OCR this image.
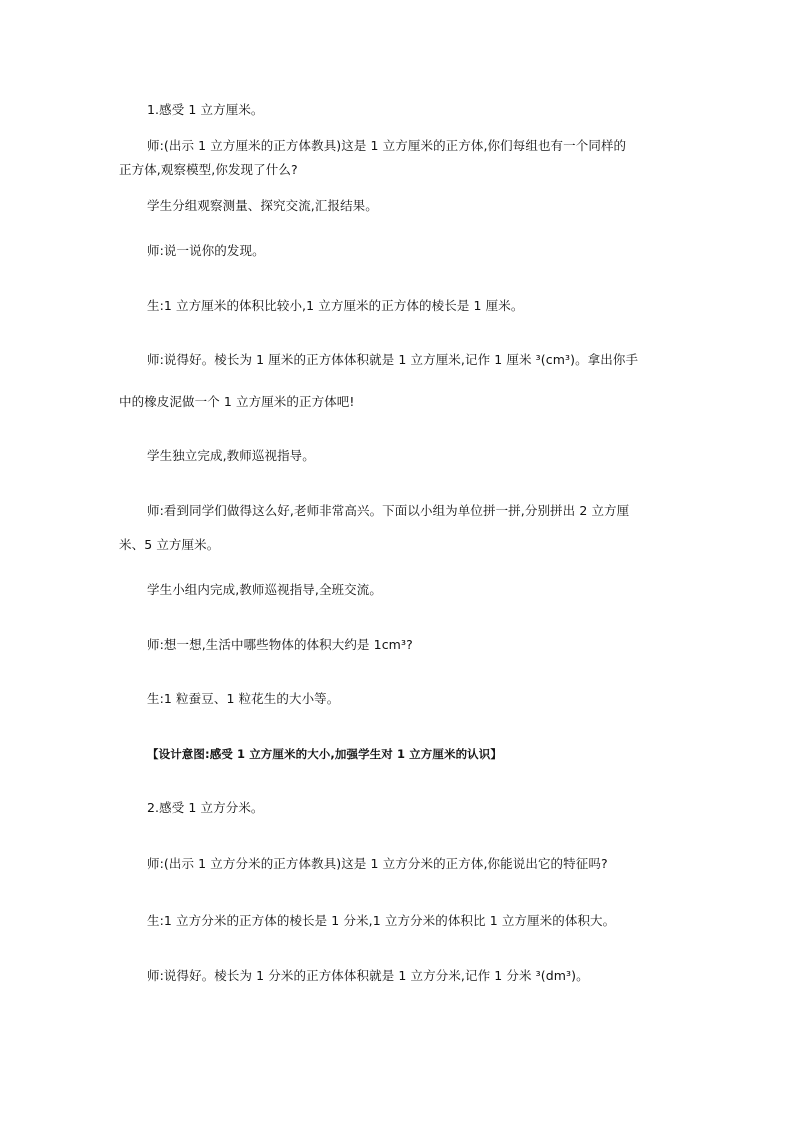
1.感受 1 立方厘米。
师:(出示 1 立方厘米的正方体教具)这是 1 立方厘米的正方体,你们每组也有一个同样的
正方体,观察模型,你发现了什么?
学生分组观察测量、探究交流,汇报结果。
师:说一说你的发现。
生:1 立方厘米的体积比较小,1 立方厘米的正方体的棱长是 1 厘米。
师:说得好。棱长为 1 厘米的正方体体积就是 1 立方厘米,记作 1 厘米 ³(cm³)。拿出你手
中的橡皮泥做一个 1 立方厘米的正方体吧!
学生独立完成,教师巡视指导。
师:看到同学们做得这么好,老师非常高兴。下面以小组为单位拼一拼,分别拼出 2 立方厘
米、5 立方厘米。
学生小组内完成,教师巡视指导,全班交流。
师:想一想,生活中哪些物体的体积大约是 1cm³?
生:1 粒蚕豆、1 粒花生的大小等。
【设计意图:感受 1 立方厘米的大小,加强学生对 1 立方厘米的认识】
2.感受 1 立方分米。
师:(出示 1 立方分米的正方体教具)这是 1 立方分米的正方体,你能说出它的特征吗?
生:1 立方分米的正方体的棱长是 1 分米,1 立方分米的体积比 1 立方厘米的体积大。
师:说得好。棱长为 1 分米的正方体体积就是 1 立方分米,记作 1 分米 ³(dm³)。
